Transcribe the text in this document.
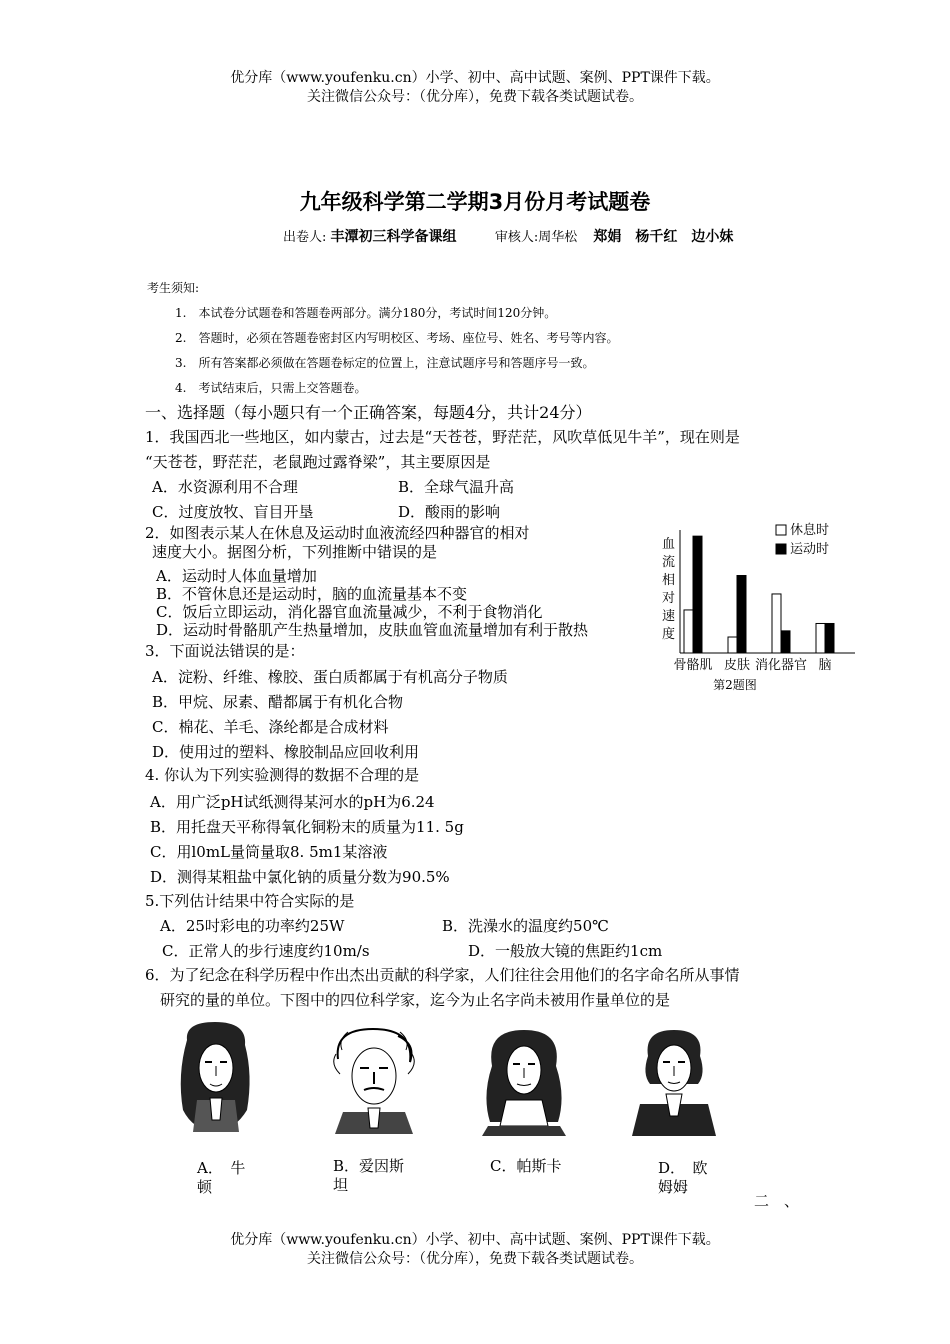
优分库（www.youfenku.cn）小学、初中、高中试题、案例、PPT课件下载。
关注微信公众号：（优分库），免费下载各类试题试卷。
九年级科学第二学期3月份月考试题卷
出卷人: 丰潭初三科学备课组	审核人:周华松 郑娟　杨千红　边小妹
考生须知:
1.　本试卷分试题卷和答题卷两部分。满分180分，考试时间120分钟。
2.　答题时，必须在答题卷密封区内写明校区、考场、座位号、姓名、考号等内容。
3.　所有答案都必须做在答题卷标定的位置上，注意试题序号和答题序号一致。
4.　考试结束后，只需上交答题卷。
一、选择题（每小题只有一个正确答案，每题4分，共计24分）
1．我国西北一些地区，如内蒙古，过去是“天苍苍，野茫茫，风吹草低见牛羊”，现在则是
“天苍苍，野茫茫，老鼠跑过露脊梁”，其主要原因是
A．水资源利用不合理	B．全球气温升高
C．过度放牧、盲目开垦	D．酸雨的影响
2．如图表示某人在休息及运动时血液流经四种器官的相对
速度大小。据图分析，下列推断中错误的是
A．运动时人体血量增加
B．不管休息还是运动时，脑的血流量基本不变
C．饭后立即运动，消化器官血流量减少，不利于食物消化
D．运动时骨骼肌产生热量增加，皮肤血管血流量增加有利于散热
血
流
相
对
速
度
骨骼肌 皮肤 消化器官 脑
休息时
运动时
第2题图
3．下面说法错误的是：
A．淀粉、纤维、橡胶、蛋白质都属于有机高分子物质
B．甲烷、尿素、醋都属于有机化合物
C．棉花、羊毛、涤纶都是合成材料
D．使用过的塑料、橡胶制品应回收利用
4. 你认为下列实验测得的数据不合理的是
A．用广泛pH试纸测得某河水的pH为6.24
B．用托盘天平称得氧化铜粉末的质量为11. 5g
C．用l0mL量筒量取8. 5m1某溶液
D．测得某粗盐中氯化钠的质量分数为90.5%
5.下列估计结果中符合实际的是
A．25吋彩电的功率约25W	B．洗澡水的温度约50℃
C．正常人的步行速度约10m/s	D．一般放大镜的焦距约1cm
6．为了纪念在科学历程中作出杰出贡献的科学家，人们往往会用他们的名字命名所从事情
研究的量的单位。下图中的四位科学家，迄今为止名字尚未被用作量单位的是
A．　牛
顿
B．爱因斯
坦
C．帕斯卡	D．　欧
姆姆
二　、
优分库（www.youfenku.cn）小学、初中、高中试题、案例、PPT课件下载。
关注微信公众号：（优分库），免费下载各类试题试卷。
